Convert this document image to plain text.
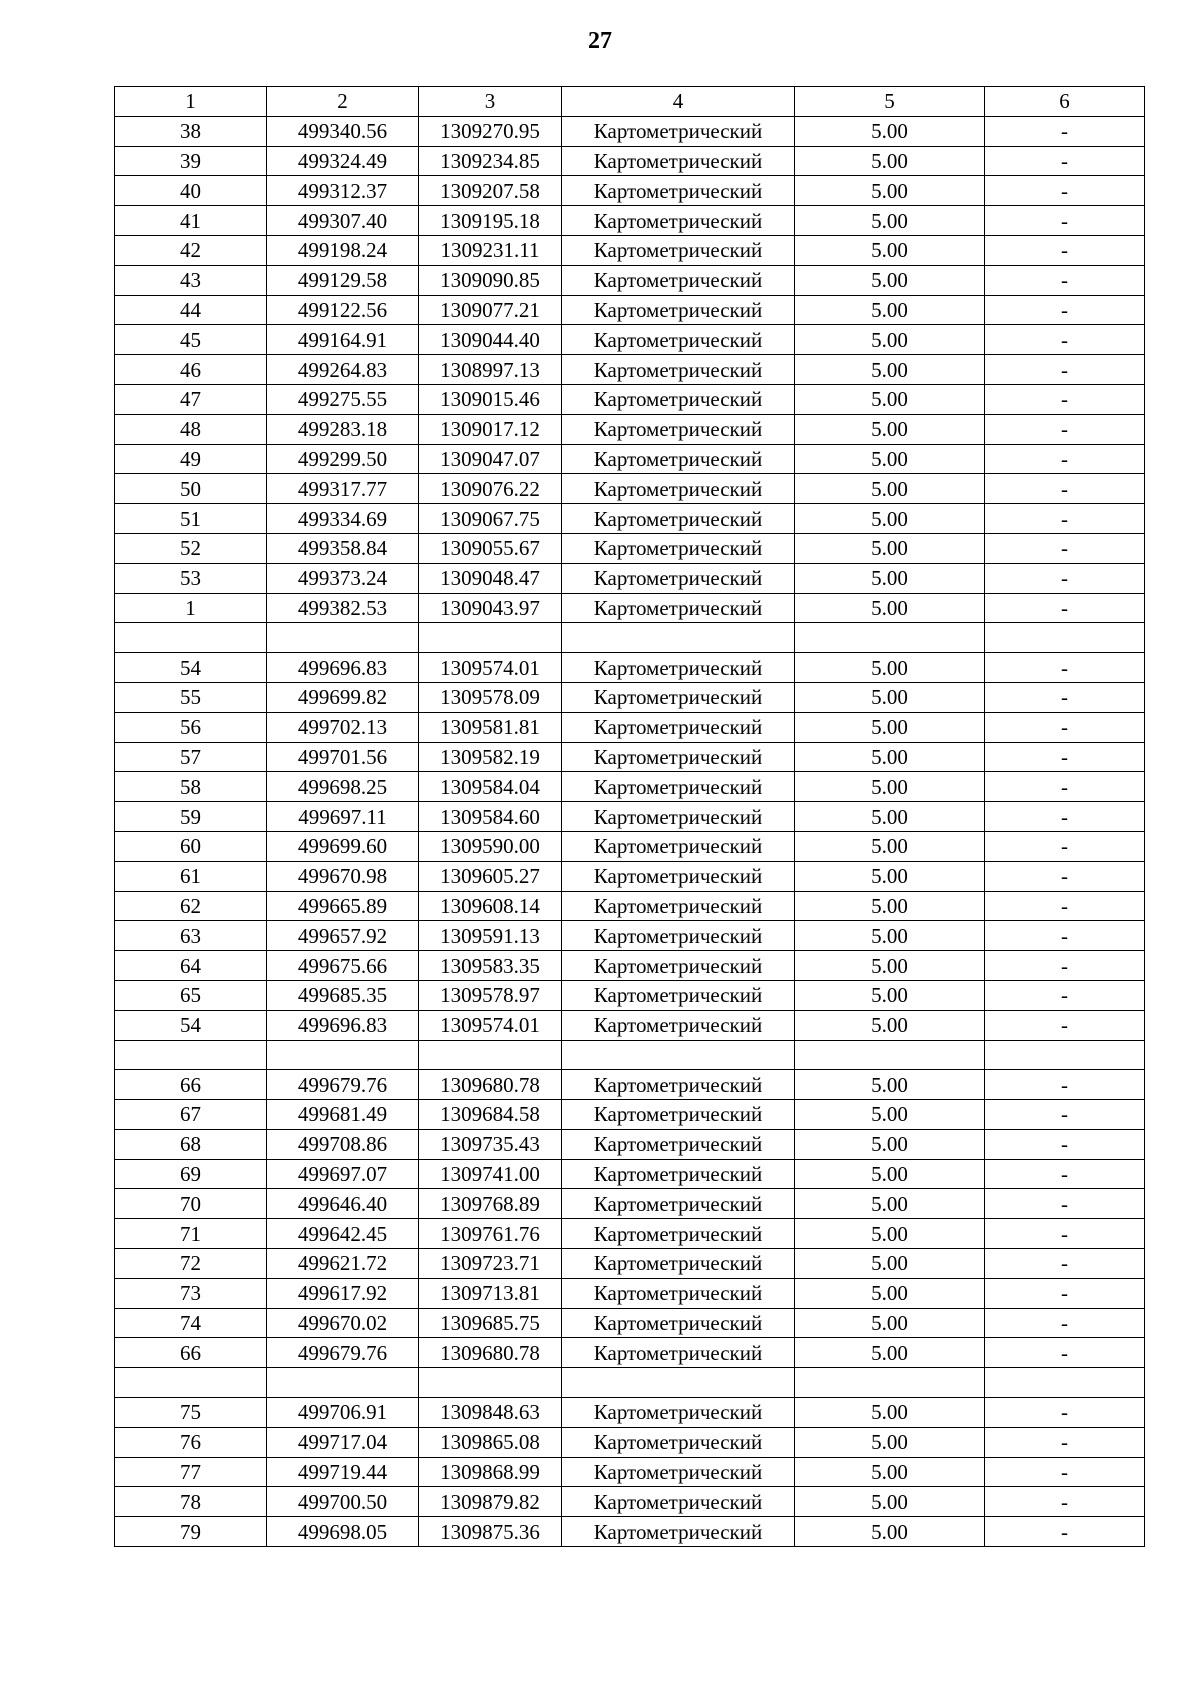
27
1	2	3	4	5	6
38	499340.56	1309270.95	Картометрический	5.00	-
39	499324.49	1309234.85	Картометрический	5.00	-
40	499312.37	1309207.58	Картометрический	5.00	-
41	499307.40	1309195.18	Картометрический	5.00	-
42	499198.24	1309231.11	Картометрический	5.00	-
43	499129.58	1309090.85	Картометрический	5.00	-
44	499122.56	1309077.21	Картометрический	5.00	-
45	499164.91	1309044.40	Картометрический	5.00	-
46	499264.83	1308997.13	Картометрический	5.00	-
47	499275.55	1309015.46	Картометрический	5.00	-
48	499283.18	1309017.12	Картометрический	5.00	-
49	499299.50	1309047.07	Картометрический	5.00	-
50	499317.77	1309076.22	Картометрический	5.00	-
51	499334.69	1309067.75	Картометрический	5.00	-
52	499358.84	1309055.67	Картометрический	5.00	-
53	499373.24	1309048.47	Картометрический	5.00	-
1	499382.53	1309043.97	Картометрический	5.00	-

54	499696.83	1309574.01	Картометрический	5.00	-
55	499699.82	1309578.09	Картометрический	5.00	-
56	499702.13	1309581.81	Картометрический	5.00	-
57	499701.56	1309582.19	Картометрический	5.00	-
58	499698.25	1309584.04	Картометрический	5.00	-
59	499697.11	1309584.60	Картометрический	5.00	-
60	499699.60	1309590.00	Картометрический	5.00	-
61	499670.98	1309605.27	Картометрический	5.00	-
62	499665.89	1309608.14	Картометрический	5.00	-
63	499657.92	1309591.13	Картометрический	5.00	-
64	499675.66	1309583.35	Картометрический	5.00	-
65	499685.35	1309578.97	Картометрический	5.00	-
54	499696.83	1309574.01	Картометрический	5.00	-

66	499679.76	1309680.78	Картометрический	5.00	-
67	499681.49	1309684.58	Картометрический	5.00	-
68	499708.86	1309735.43	Картометрический	5.00	-
69	499697.07	1309741.00	Картометрический	5.00	-
70	499646.40	1309768.89	Картометрический	5.00	-
71	499642.45	1309761.76	Картометрический	5.00	-
72	499621.72	1309723.71	Картометрический	5.00	-
73	499617.92	1309713.81	Картометрический	5.00	-
74	499670.02	1309685.75	Картометрический	5.00	-
66	499679.76	1309680.78	Картометрический	5.00	-

75	499706.91	1309848.63	Картометрический	5.00	-
76	499717.04	1309865.08	Картометрический	5.00	-
77	499719.44	1309868.99	Картометрический	5.00	-
78	499700.50	1309879.82	Картометрический	5.00	-
79	499698.05	1309875.36	Картометрический	5.00	-
